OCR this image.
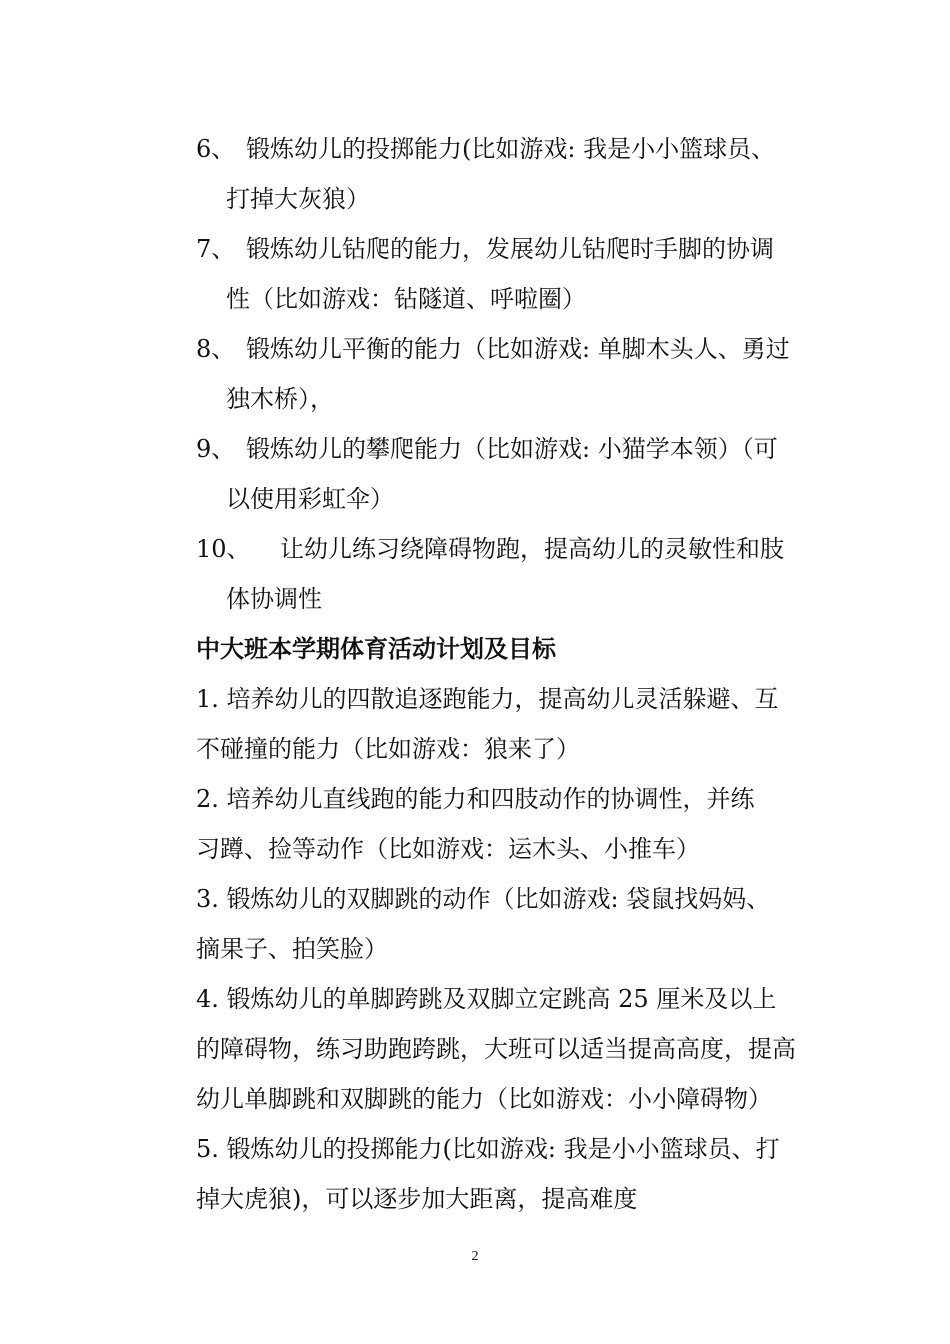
6、 锻炼幼儿的投掷能力(比如游戏: 我是小小篮球员、
打掉大灰狼）
7、 锻炼幼儿钻爬的能力，发展幼儿钻爬时手脚的协调
性（比如游戏：钻隧道、呼啦圈）
8、 锻炼幼儿平衡的能力（比如游戏: 单脚木头人、勇过
独木桥），
9、 锻炼幼儿的攀爬能力（比如游戏: 小猫学本领）（可
以使用彩虹伞）
10、 让幼儿练习绕障碍物跑，提高幼儿的灵敏性和肢
体协调性
中大班本学期体育活动计划及目标
1. 培养幼儿的四散追逐跑能力，提高幼儿灵活躲避、互
不碰撞的能力（比如游戏：狼来了）
2. 培养幼儿直线跑的能力和四肢动作的协调性，并练
习蹲、捡等动作（比如游戏：运木头、小推车）
3. 锻炼幼儿的双脚跳的动作（比如游戏: 袋鼠找妈妈、
摘果子、拍笑脸）
4. 锻炼幼儿的单脚跨跳及双脚立定跳高 25 厘米及以上
的障碍物，练习助跑跨跳，大班可以适当提高高度，提高
幼儿单脚跳和双脚跳的能力（比如游戏：小小障碍物）
5. 锻炼幼儿的投掷能力(比如游戏: 我是小小篮球员、打
掉大虎狼)，可以逐步加大距离，提高难度
2
